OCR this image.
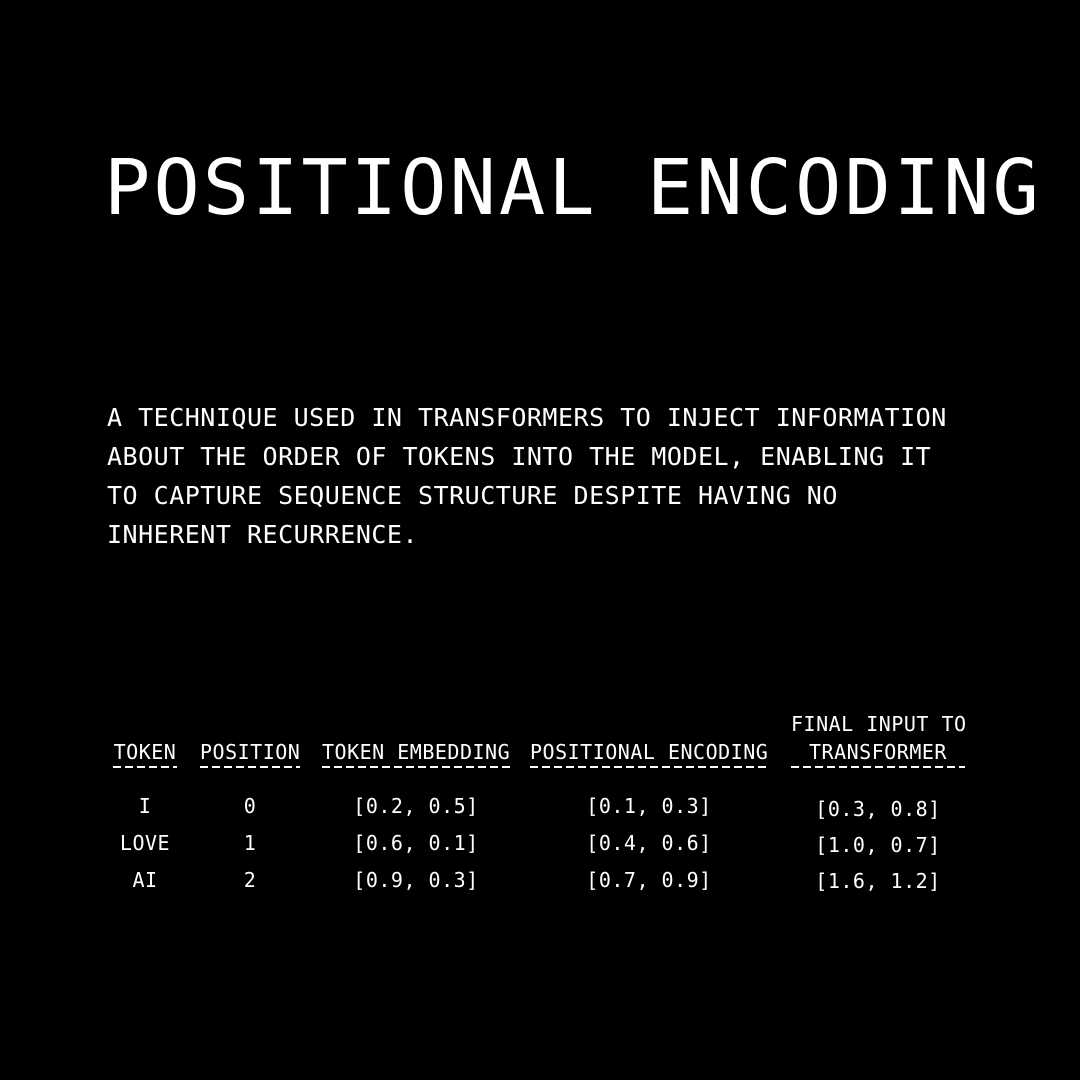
POSITIONAL ENCODING

A TECHNIQUE USED IN TRANSFORMERS TO INJECT INFORMATION
ABOUT THE ORDER OF TOKENS INTO THE MODEL, ENABLING IT
TO CAPTURE SEQUENCE STRUCTURE DESPITE HAVING NO
INHERENT RECURRENCE.

TOKEN
I
LOVE
AI
POSITION
0
1
2
TOKEN EMBEDDING
[0.2, 0.5]
[0.6, 0.1]
[0.9, 0.3]
POSITIONAL ENCODING
[0.1, 0.3]
[0.4, 0.6]
[0.7, 0.9]
FINAL INPUT TO
TRANSFORMER
[0.3, 0.8]
[1.0, 0.7]
[1.6, 1.2]
